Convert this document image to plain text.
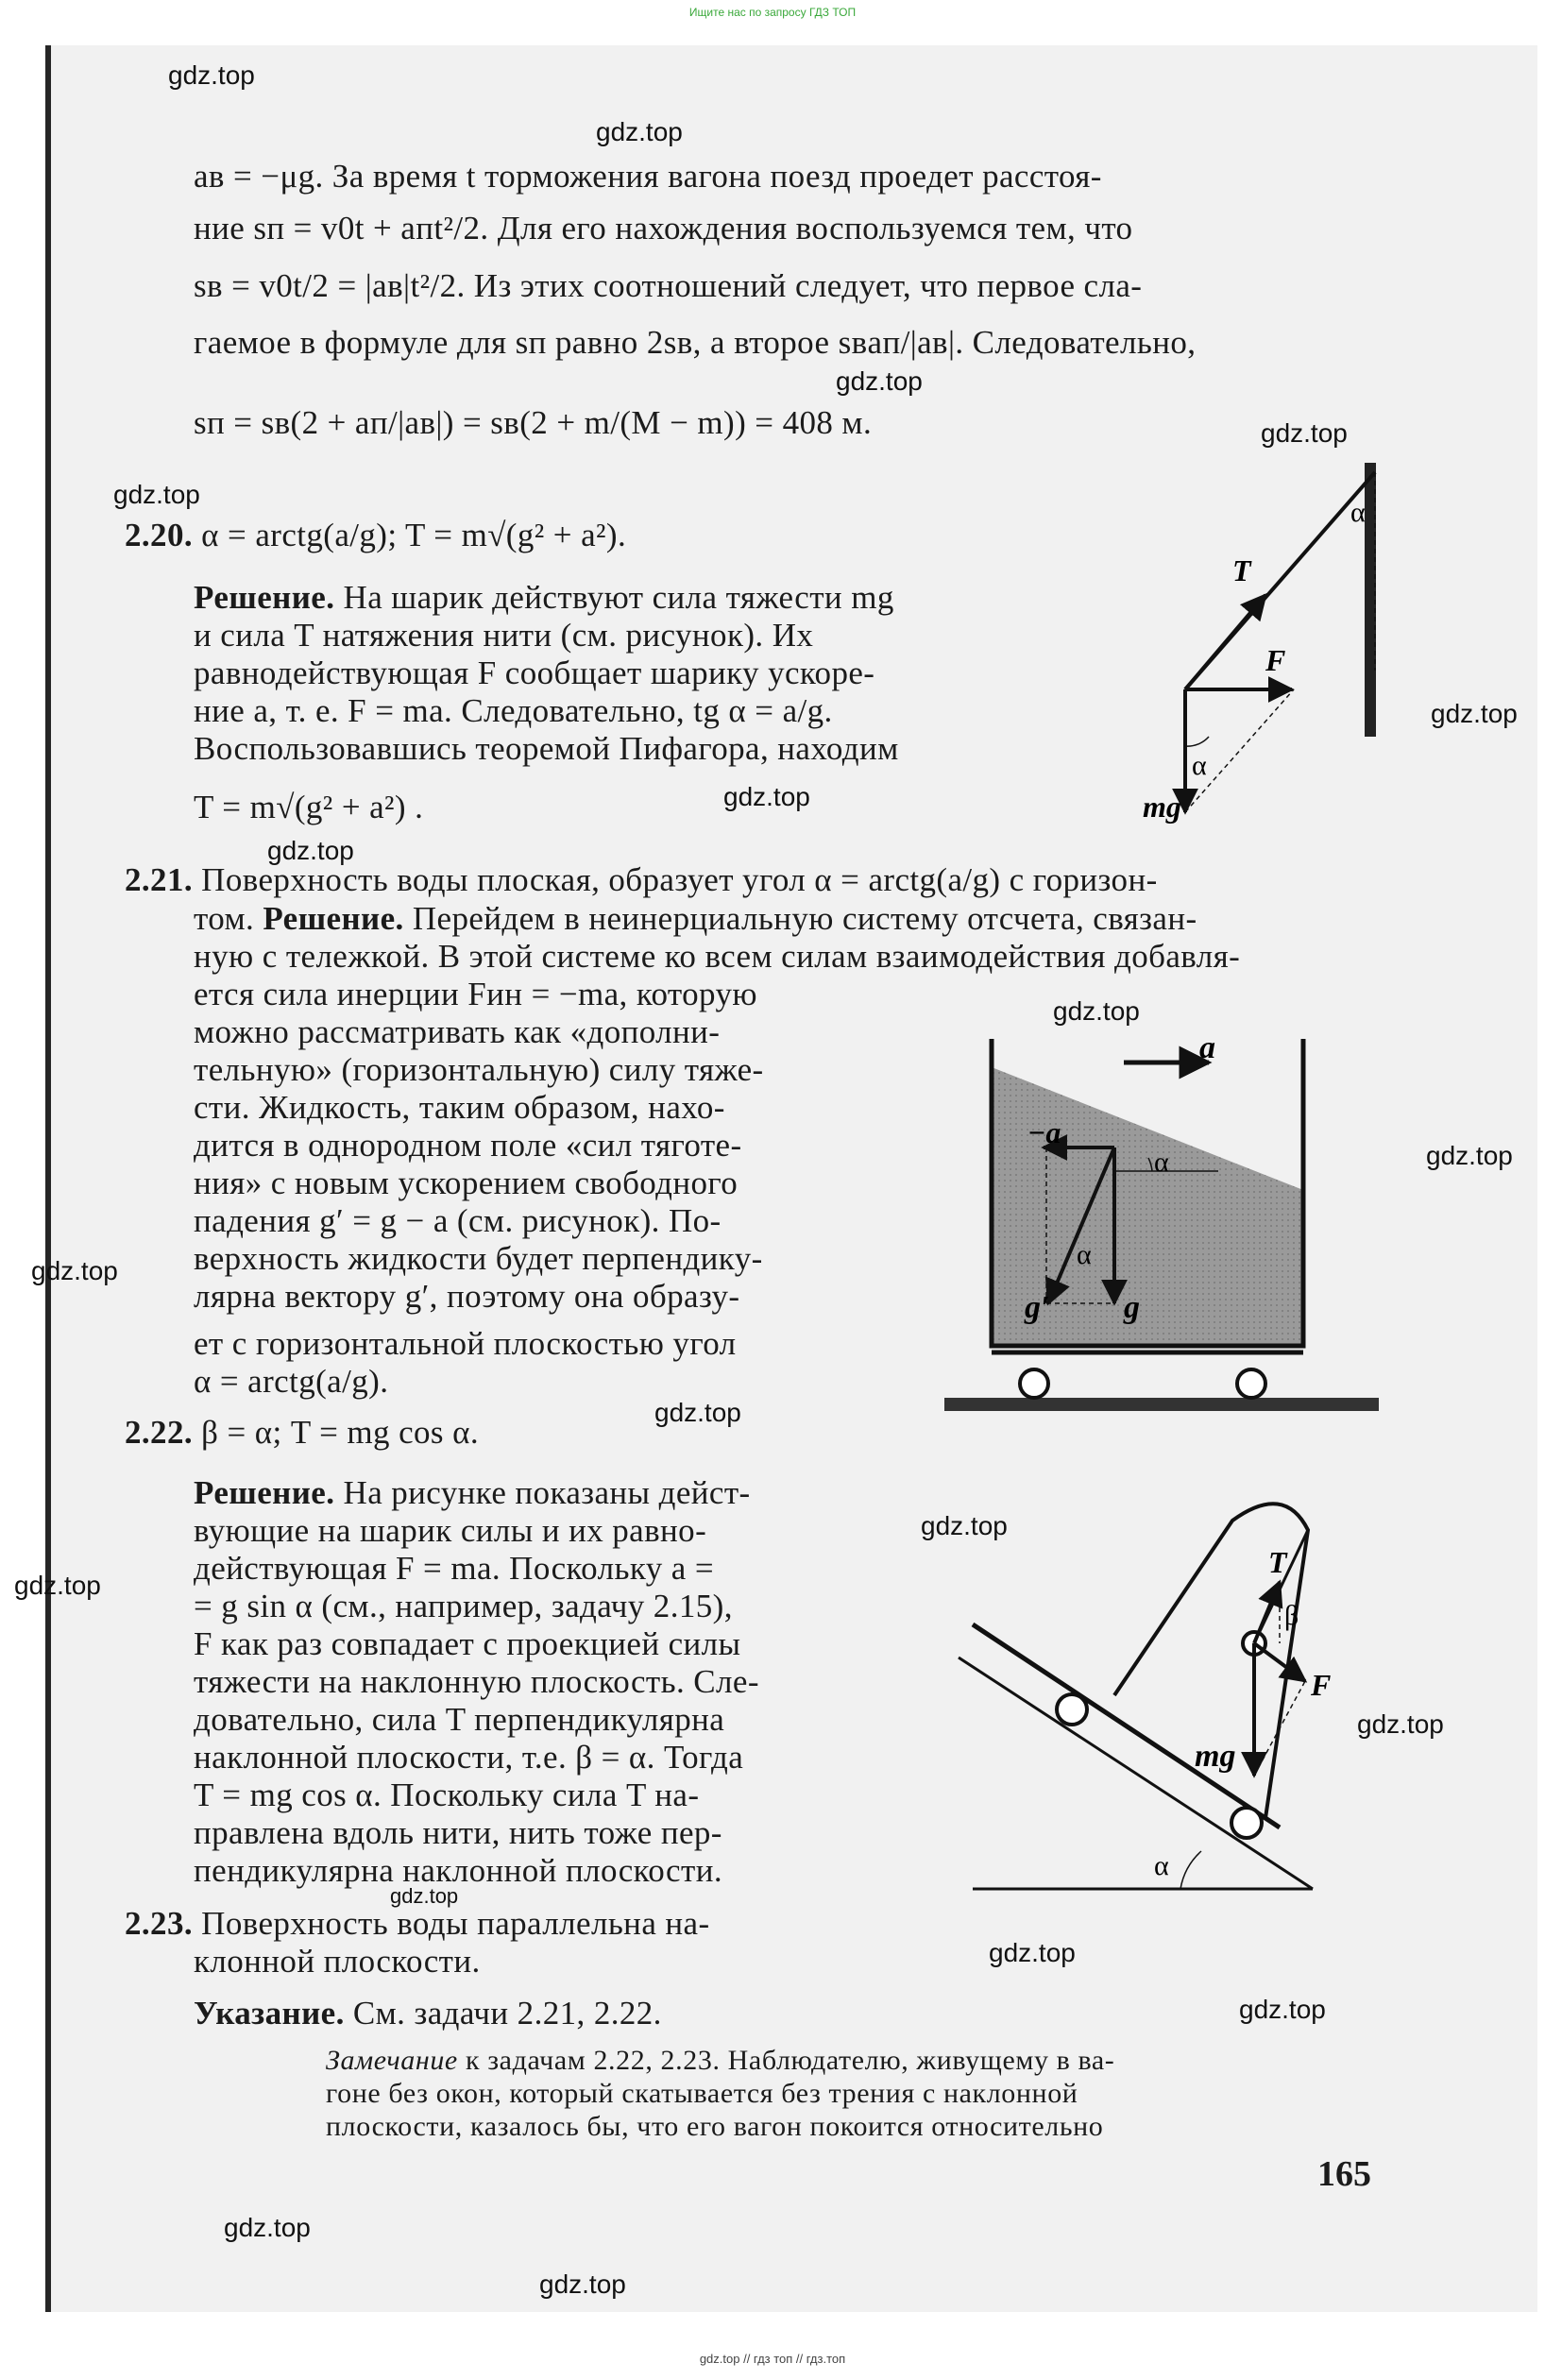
Ищите нас по запросу ГДЗ ТОП
aв = −μg. За время t торможения вагона поезд проедет расстоя-
ние sп = v0t + aпt²/2. Для его нахождения воспользуемся тем, что
sв = v0t/2 = |aв|t²/2. Из этих соотношений следует, что первое сла-
гаемое в формуле для sп равно 2sв, а второе sвaп/|aв|. Следовательно,
sп = sв(2 + aп/|aв|) = sв(2 + m/(M − m)) = 408 м.
2.20. α = arctg(a/g); T = m√(g² + a²).
Решение. На шарик действуют сила тяжести mg
и сила T натяжения нити (см. рисунок). Их
равнодействующая F сообщает шарику ускоре-
ние a, т. е. F = ma. Следовательно, tg α = a/g.
Воспользовавшись теоремой Пифагора, находим
T = m√(g² + a²) .
2.21. Поверхность воды плоская, образует угол α = arctg(a/g) с горизон-
том. Решение. Перейдем в неинерциальную систему отсчета, связан-
ную с тележкой. В этой системе ко всем силам взаимодействия добавля-
ется сила инерции Fин = −ma, которую
можно рассматривать как «дополни-
тельную» (горизонтальную) силу тяже-
сти. Жидкость, таким образом, нахо-
дится в однородном поле «сил тяготе-
ния» с новым ускорением свободного
падения g′ = g − a (см. рисунок). По-
верхность жидкости будет перпендику-
лярна вектору g′, поэтому она образу-
ет с горизонтальной плоскостью угол
α = arctg(a/g).
2.22. β = α; T = mg cos α.
Решение. На рисунке показаны дейст-
вующие на шарик силы и их равно-
действующая F = ma. Поскольку a =
= g sin α (см., например, задачу 2.15),
F как раз совпадает с проекцией силы
тяжести на наклонную плоскость. Сле-
довательно, сила T перпендикулярна
наклонной плоскости, т.е. β = α. Тогда
T = mg cos α. Поскольку сила T на-
правлена вдоль нити, нить тоже пер-
пендикулярна наклонной плоскости.
2.23. Поверхность воды параллельна на-
клонной плоскости.
Указание. См. задачи 2.21, 2.22.
Замечание к задачам 2.22, 2.23. Наблюдателю, живущему в ва-
гоне без окон, который скатывается без трения с наклонной
плоскости, казалось бы, что его вагон покоится относительно
165
T
F
α
α
mg
a
−a
α
α
g′ g
T
β
F
mg
α
gdz.top
gdz.top
gdz.top
gdz.top
gdz.top
gdz.top
gdz.top
gdz.top
gdz.top
gdz.top
gdz.top
gdz.top
gdz.top
gdz.top
gdz.top
gdz.top
gdz.top
gdz.top
gdz.top
gdz.top
gdz.top // гдз топ // гдз.топ
